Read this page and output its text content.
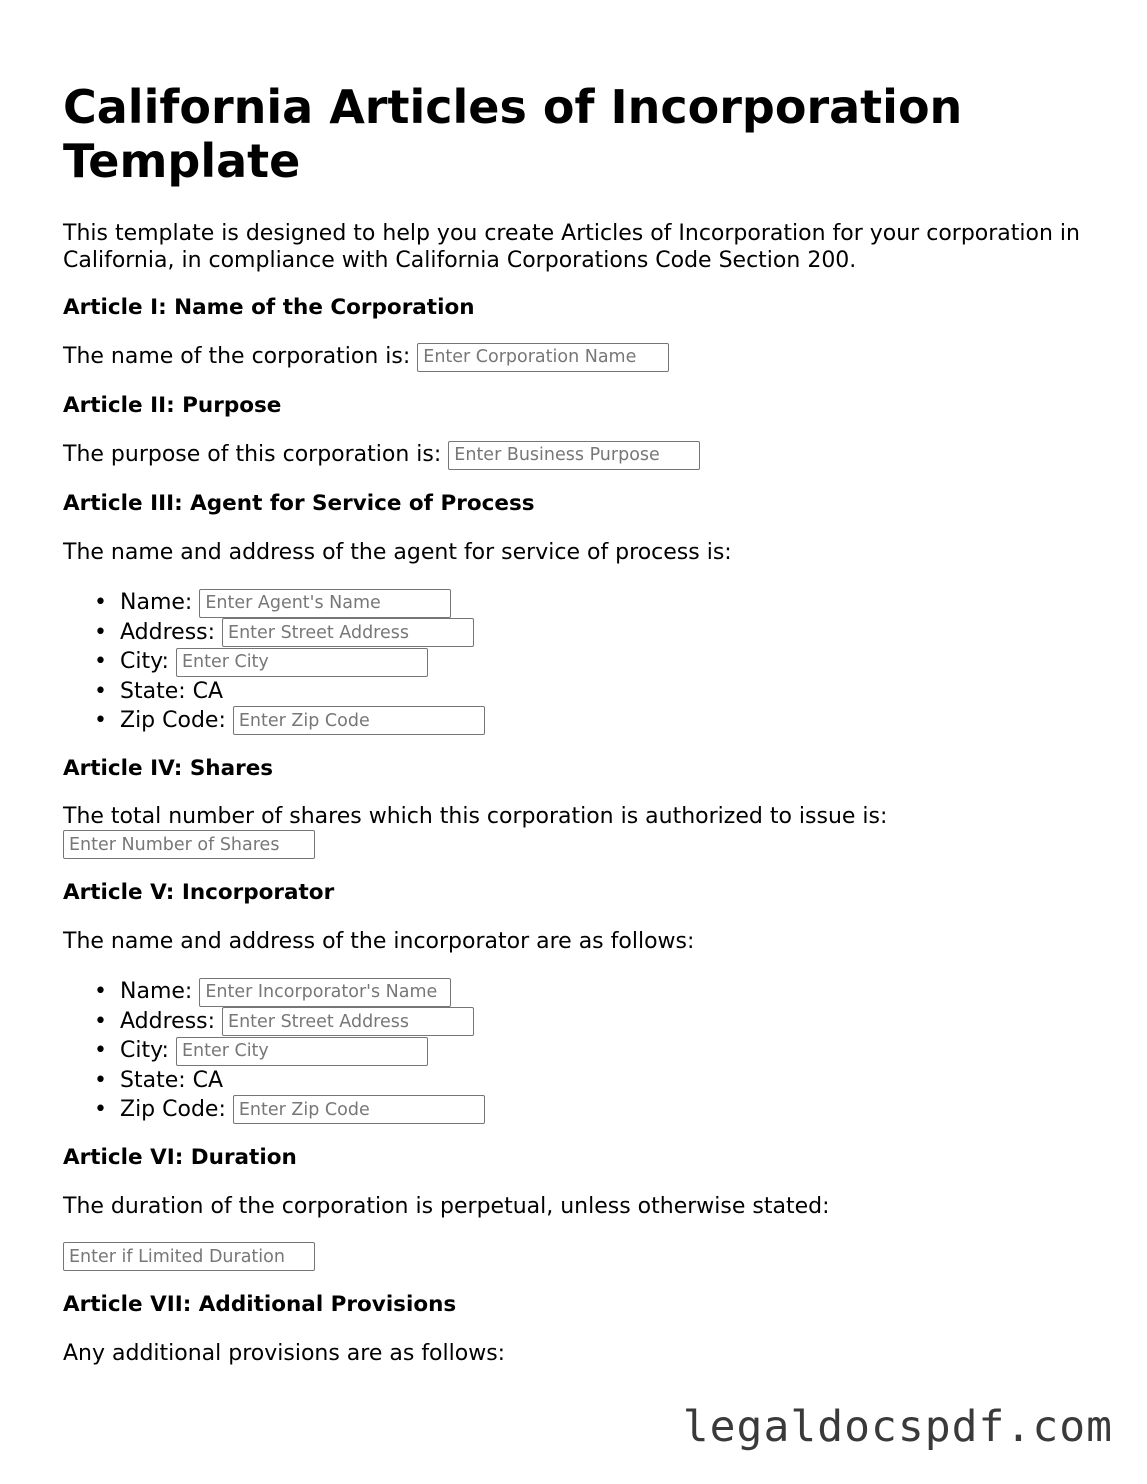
California Articles of Incorporation Template

This template is designed to help you create Articles of Incorporation for your corporation in California, in compliance with California Corporations Code Section 200.

Article I: Name of the Corporation

The name of the corporation is: Enter Corporation Name

Article II: Purpose

The purpose of this corporation is: Enter Business Purpose

Article III: Agent for Service of Process

The name and address of the agent for service of process is:

• Name: Enter Agent's Name
• Address: Enter Street Address
• City: Enter City
• State: CA
• Zip Code: Enter Zip Code
Article IV: Shares

The total number of shares which this corporation is authorized to issue is:

Enter Number of Shares
Article V: Incorporator

The name and address of the incorporator are as follows:

• Name: Enter Incorporator's Name
• Address: Enter Street Address
• City: Enter City
• State: CA
• Zip Code: Enter Zip Code
Article VI: Duration

The duration of the corporation is perpetual, unless otherwise stated:

Enter if Limited Duration
Article VII: Additional Provisions

Any additional provisions are as follows:

legaldocspdf.com
